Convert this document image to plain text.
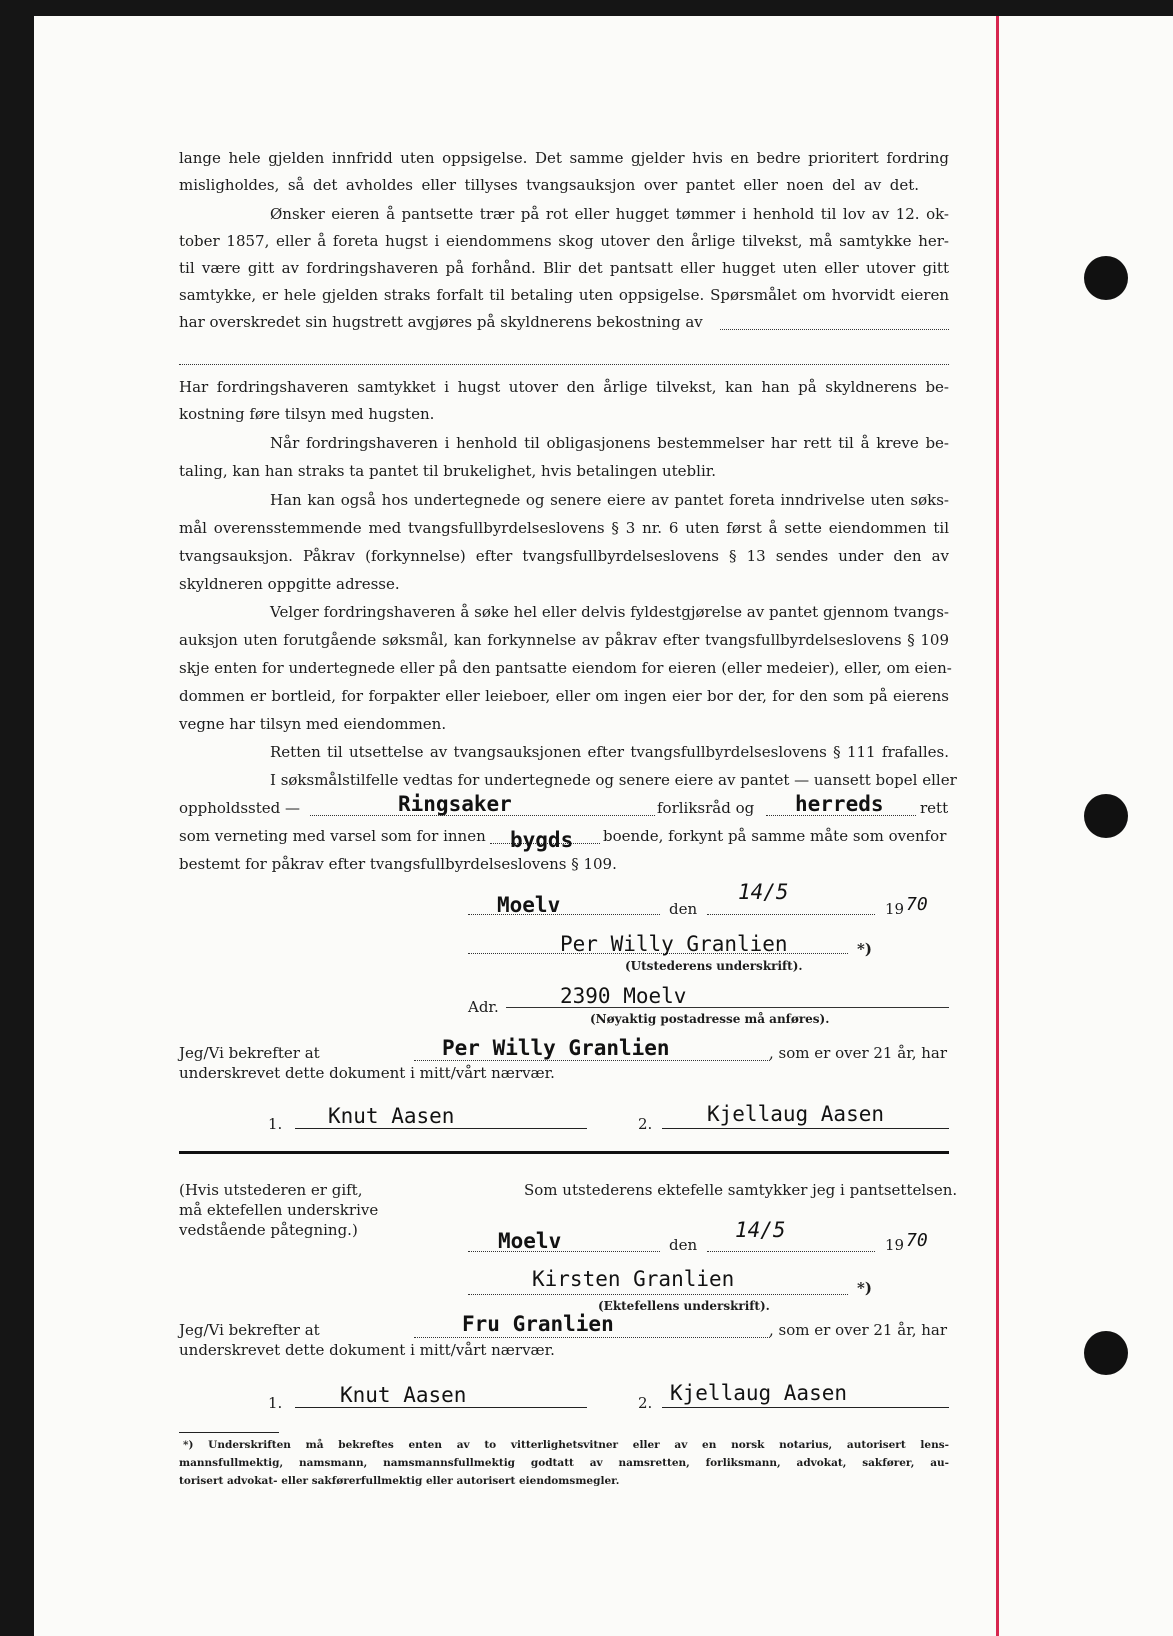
lange hele gjelden innfridd uten oppsigelse. Det samme gjelder hvis en bedre prioritert fordring
misligholdes, så det avholdes eller tillyses tvangsauksjon over pantet eller noen del av det.
Ønsker eieren å pantsette trær på rot eller hugget tømmer i henhold til lov av 12. ok-
tober 1857, eller å foreta hugst i eiendommens skog utover den årlige tilvekst, må samtykke her-
til være gitt av fordringshaveren på forhånd. Blir det pantsatt eller hugget uten eller utover gitt
samtykke, er hele gjelden straks forfalt til betaling uten oppsigelse. Spørsmålet om hvorvidt eieren
har overskredet sin hugstrett avgjøres på skyldnerens bekostning av
Har fordringshaveren samtykket i hugst utover den årlige tilvekst, kan han på skyldnerens be-
kostning føre tilsyn med hugsten.
Når fordringshaveren i henhold til obligasjonens bestemmelser har rett til å kreve be-
taling, kan han straks ta pantet til brukelighet, hvis betalingen uteblir.
Han kan også hos undertegnede og senere eiere av pantet foreta inndrivelse uten søks-
mål overensstemmende med tvangsfullbyrdelseslovens § 3 nr. 6 uten først å sette eiendommen til
tvangsauksjon. Påkrav (forkynnelse) efter tvangsfullbyrdelseslovens § 13 sendes under den av
skyldneren oppgitte adresse.
Velger fordringshaveren å søke hel eller delvis fyldestgjørelse av pantet gjennom tvangs-
auksjon uten forutgående søksmål, kan forkynnelse av påkrav efter tvangsfullbyrdelseslovens § 109
skje enten for undertegnede eller på den pantsatte eiendom for eieren (eller medeier), eller, om eien-
dommen er bortleid, for forpakter eller leieboer, eller om ingen eier bor der, for den som på eierens
vegne har tilsyn med eiendommen.
Retten til utsettelse av tvangsauksjonen efter tvangsfullbyrdelseslovens § 111 frafalles.
I søksmålstilfelle vedtas for undertegnede og senere eiere av pantet — uansett bopel eller
oppholdssted —	Ringsaker	forliksråd og herreds rett
som verneting med varsel som for innen bygds boende, forkynt på samme måte som ovenfor
bestemt for påkrav efter tvangsfullbyrdelseslovens § 109.
Moelv	den
14/5
19 70
Per Willy Granlien	*)
(Utstederens underskrift).
Adr.	2390 Moelv
(Nøyaktig postadresse må anføres).
Jeg/Vi bekrefter at	Per Willy Granlien	, som er over 21 år, har
underskrevet dette dokument i mitt/vårt nærvær.
1. Knut Aasen	2.	Kjellaug Aasen
(Hvis utstederen er gift,
må ektefellen underskrive
vedstående påtegning.)
Som utstederens ektefelle samtykker jeg i pantsettelsen.
Moelv	den
14/5
19 70
Kirsten Granlien	*)
(Ektefellens underskrift).
Jeg/Vi bekrefter at	Fru Granlien	, som er over 21 år, har
underskrevet dette dokument i mitt/vårt nærvær.
1.	Knut Aasen	2. Kjellaug Aasen
*) Underskriften må bekreftes enten av to vitterlighetsvitner eller av en norsk notarius, autorisert lens-
mannsfullmektig, namsmann, namsmannsfullmektig godtatt av namsretten, forliksmann, advokat, sakfører, au-
torisert advokat- eller sakførerfullmektig eller autorisert eiendomsmegler.
